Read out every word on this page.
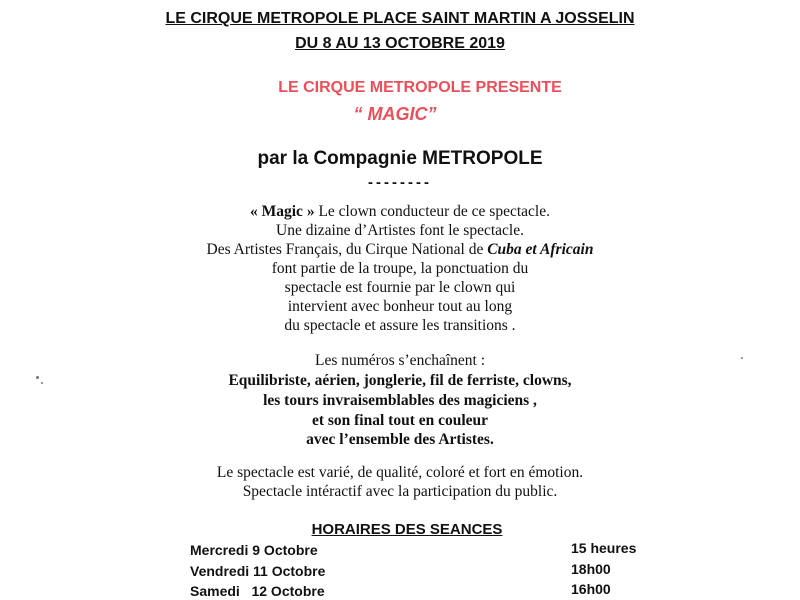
LE CIRQUE METROPOLE PLACE SAINT MARTIN A JOSSELIN
DU 8 AU 13 OCTOBRE 2019
LE CIRQUE METROPOLE PRESENTE
“ MAGIC”
par la Compagnie METROPOLE
--------
« Magic » Le clown conducteur de ce spectacle.
Une dizaine d’Artistes font le spectacle.
Des Artistes Français, du Cirque National de Cuba et Africain
font partie de la troupe, la ponctuation du
spectacle est fournie par le clown qui
intervient avec bonheur tout au long
du spectacle et assure les transitions .
Les numéros s’enchaînent :
Equilibriste, aérien, jonglerie, fil de ferriste, clowns,
les tours invraisemblables des magiciens ,
et son final tout en couleur
avec l’ensemble des Artistes.
Le spectacle est varié, de qualité, coloré et fort en émotion.
Spectacle intéractif avec la participation du public.
HORAIRES DES SEANCES
Mercredi 9 Octobre	15 heures
Vendredi 11 Octobre	18h00
Samedi   12 Octobre	16h00
